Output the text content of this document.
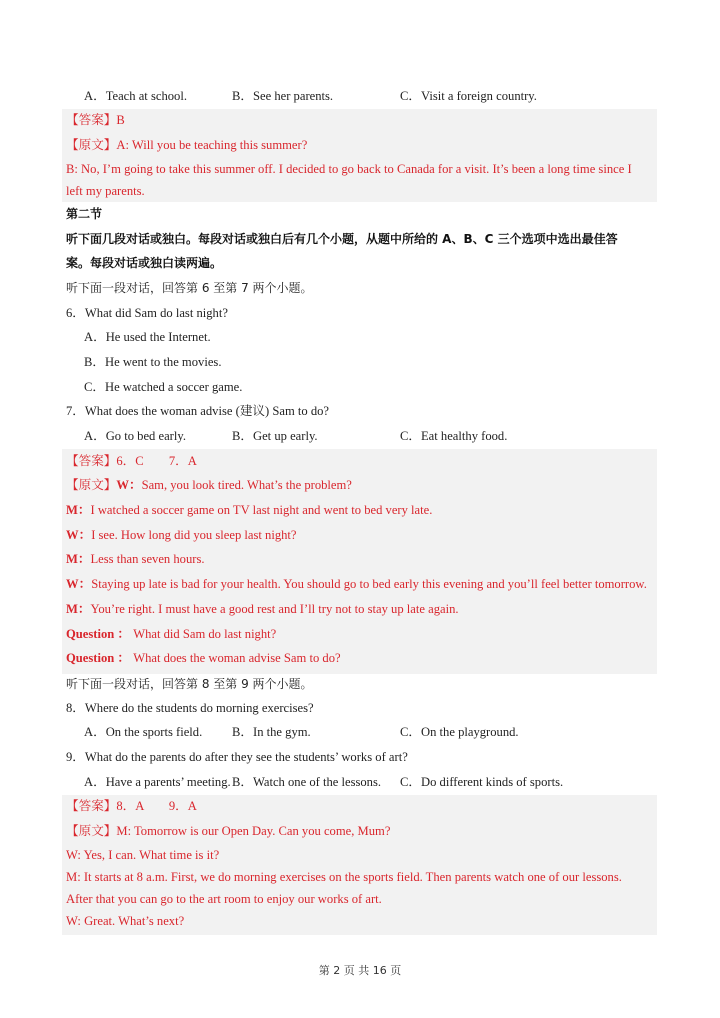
A．Teach at school.	B．See her parents.	C．Visit a foreign country.
【答案】B
【原文】A: Will you be teaching this summer?
B: No, I’m going to take this summer off. I decided to go back to Canada for a visit. It’s been a long time since I
left my parents.
第二节
听下面几段对话或独白。每段对话或独白后有几个小题，从题中所给的 A、B、C 三个选项中选出最佳答
案。每段对话或独白读两遍。
听下面一段对话，回答第 6 至第 7 两个小题。
6．What did Sam do last night?
A．He used the Internet.
B．He went to the movies.
C．He watched a soccer game.
7．What does the woman advise (建议) Sam to do?
A．Go to bed early.	B．Get up early.	C．Eat healthy food.
【答案】6．C　　7．A
【原文】W：Sam, you look tired. What’s the problem?
M：I watched a soccer game on TV last night and went to bed very late.
W：I see. How long did you sleep last night?
M：Less than seven hours.
W：Staying up late is bad for your health. You should go to bed early this evening and you’ll feel better tomorrow.
M：You’re right. I must have a good rest and I’ll try not to stay up late again.
Question ： What did Sam do last night?
Question ： What does the woman advise Sam to do?
听下面一段对话，回答第 8 至第 9 两个小题。
8．Where do the students do morning exercises?
A．On the sports field. B．In the gym.	C．On the playground.
9．What do the parents do after they see the students’ works of art?
A．Have a parents’ meeting. B．Watch one of the lessons. C．Do different kinds of sports.
【答案】8．A　　9．A
【原文】M: Tomorrow is our Open Day. Can you come, Mum?
W: Yes, I can. What time is it?
M: It starts at 8 a.m. First, we do morning exercises on the sports field. Then parents watch one of our lessons.
After that you can go to the art room to enjoy our works of art.
W: Great. What’s next?
第 2 页 共 16 页
